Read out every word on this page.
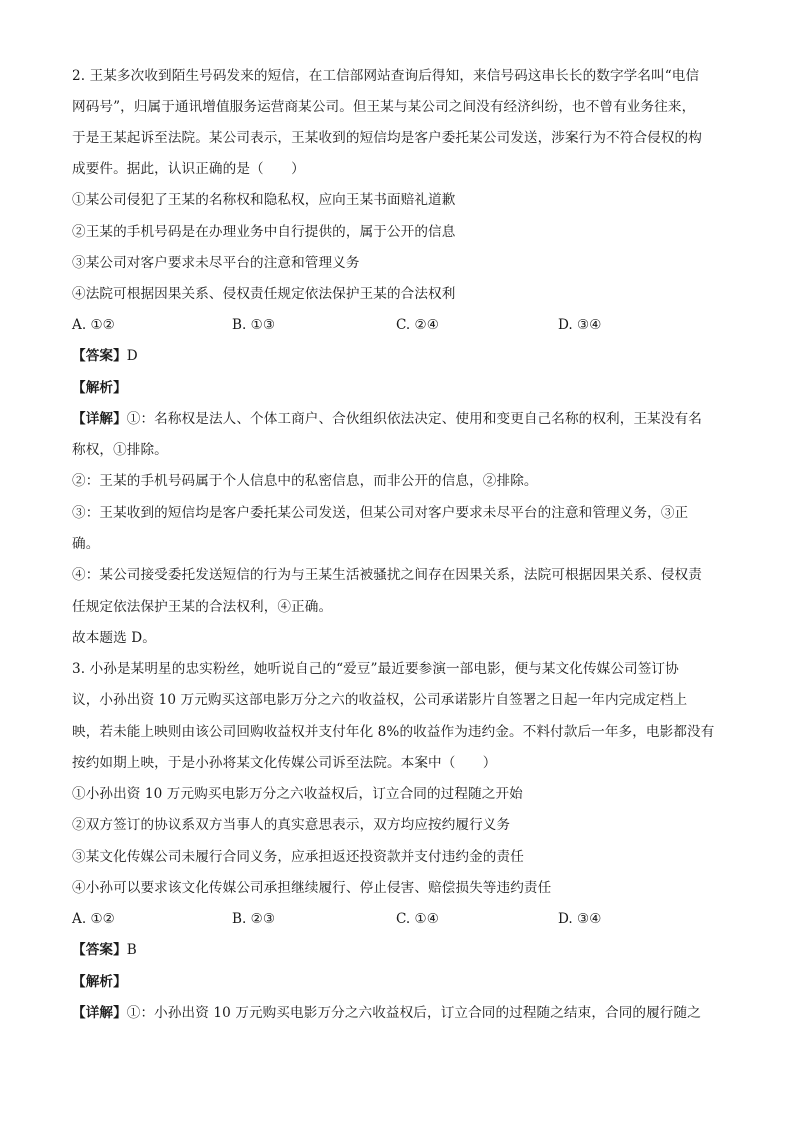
2. 王某多次收到陌生号码发来的短信，在工信部网站查询后得知，来信号码这串长长的数字学名叫“电信
网码号”，归属于通讯增值服务运营商某公司。但王某与某公司之间没有经济纠纷，也不曾有业务往来，
于是王某起诉至法院。某公司表示，王某收到的短信均是客户委托某公司发送，涉案行为不符合侵权的构
成要件。据此，认识正确的是（　　）
①某公司侵犯了王某的名称权和隐私权，应向王某书面赔礼道歉
②王某的手机号码是在办理业务中自行提供的，属于公开的信息
③某公司对客户要求未尽平台的注意和管理义务
④法院可根据因果关系、侵权责任规定依法保护王某的合法权利
A. ①②	B. ①③	C. ②④	D. ③④
【答案】D
【解析】
【详解】①：名称权是法人、个体工商户、合伙组织依法决定、使用和变更自己名称的权利，王某没有名
称权，①排除。
②：王某的手机号码属于个人信息中的私密信息，而非公开的信息，②排除。
③：王某收到的短信均是客户委托某公司发送，但某公司对客户要求未尽平台的注意和管理义务，③正
确。
④：某公司接受委托发送短信的行为与王某生活被骚扰之间存在因果关系，法院可根据因果关系、侵权责
任规定依法保护王某的合法权利，④正确。
故本题选 D。
3. 小孙是某明星的忠实粉丝，她听说自己的“爱豆”最近要参演一部电影，便与某文化传媒公司签订协
议，小孙出资 10 万元购买这部电影万分之六的收益权，公司承诺影片自签署之日起一年内完成定档上
映，若未能上映则由该公司回购收益权并支付年化 8%的收益作为违约金。不料付款后一年多，电影都没有
按约如期上映，于是小孙将某文化传媒公司诉至法院。本案中（　　）
①小孙出资 10 万元购买电影万分之六收益权后，订立合同的过程随之开始
②双方签订的协议系双方当事人的真实意思表示，双方均应按约履行义务
③某文化传媒公司未履行合同义务，应承担返还投资款并支付违约金的责任
④小孙可以要求该文化传媒公司承担继续履行、停止侵害、赔偿损失等违约责任
A. ①②	B. ②③	C. ①④	D. ③④
【答案】B
【解析】
【详解】①：小孙出资 10 万元购买电影万分之六收益权后，订立合同的过程随之结束，合同的履行随之
